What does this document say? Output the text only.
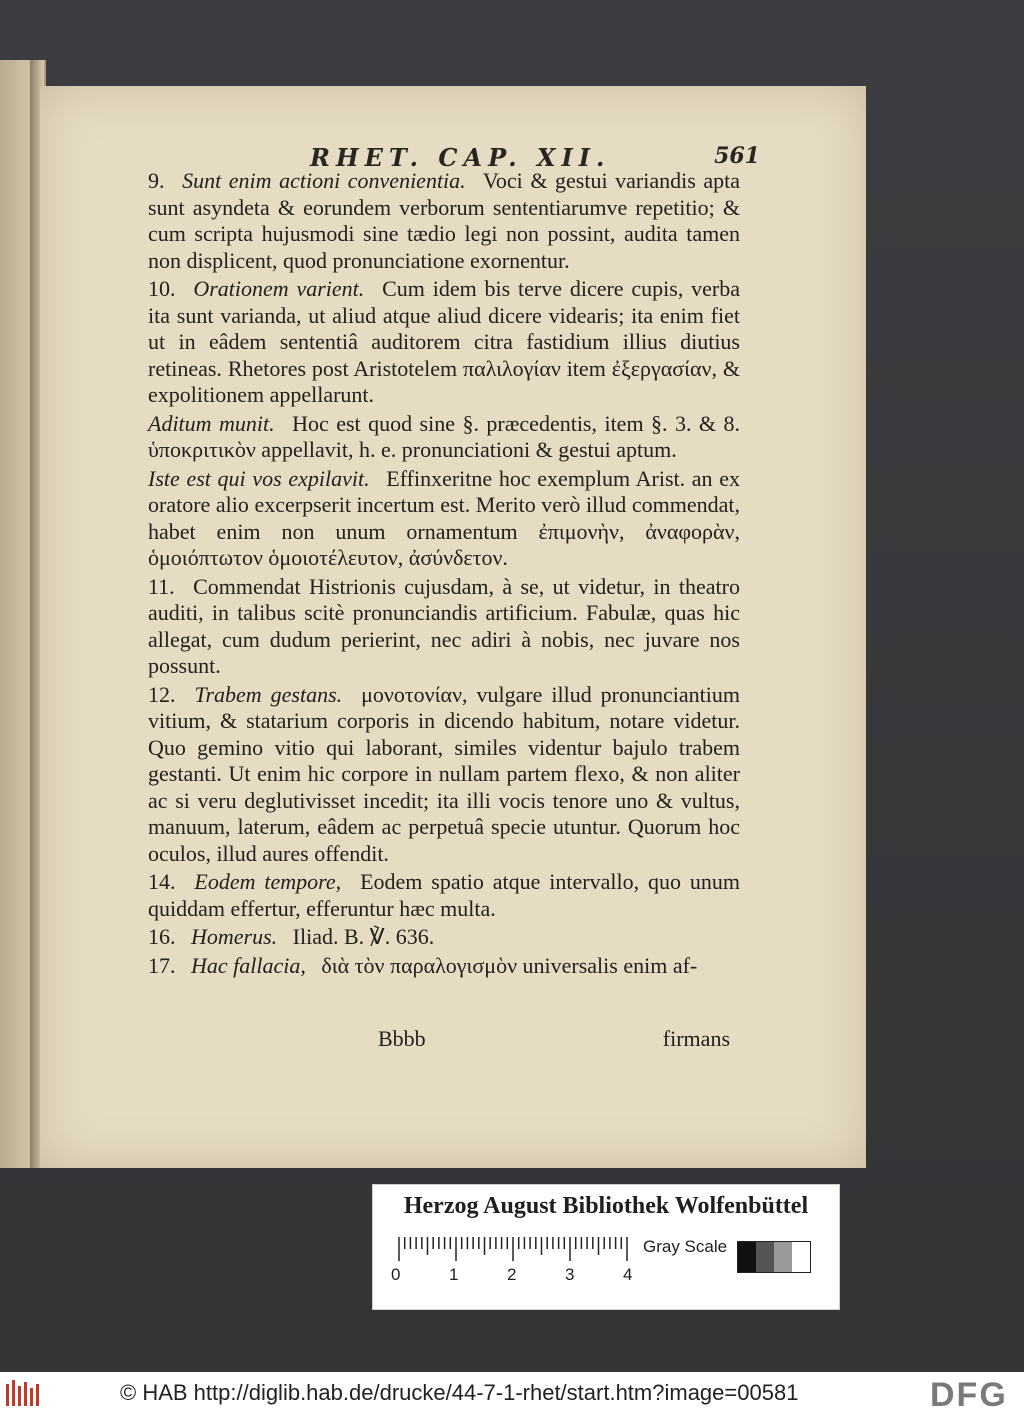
RHET. CAP. XII.	561

9. Sunt enim actioni convenientia. Voci & gestui variandis apta sunt asyndeta & eorundem verborum sententiarumve repetitio; & cum scripta hujusmodi sine tædio legi non possint, audita tamen non displicent, quod pronunciatione exornentur.

10. Orationem varient. Cum idem bis terve dicere cupis, verba ita sunt varianda, ut aliud atque aliud dicere videaris; ita enim fiet ut in eâdem sententiâ auditorem citra fastidium illius diutius retineas. Rhetores post Aristotelem παλιλογίαν item ἐξεργασίαν, & expolitionem appellarunt.

Aditum munit. Hoc est quod sine §. præcedentis, item §. 3. & 8. ὑποκριτικὸν appellavit, h. e. pronunciationi & gestui aptum.

Iste est qui vos expilavit. Effinxeritne hoc exemplum Arist. an ex oratore alio excerpserit incertum est. Merito verò illud commendat, habet enim non unum ornamentum ἐπιμονὴν, ἀναφορὰν, ὁμοιόπτωτον ὁμοιοτέλευτον, ἀσύνδετον.

11. Commendat Histrionis cujusdam, à se, ut videtur, in theatro auditi, in talibus scitè pronunciandis artificium. Fabulæ, quas hic allegat, cum dudum perierint, nec adiri à nobis, nec juvare nos possunt.

12. Trabem gestans. μονοτονίαν, vulgare illud pronunciantium vitium, & statarium corporis in dicendo habitum, notare videtur. Quo gemino vitio qui laborant, similes videntur bajulo trabem gestanti. Ut enim hic corpore in nullam partem flexo, & non aliter ac si veru deglutivisset incedit; ita illi vocis tenore uno & vultus, manuum, laterum, eâdem ac perpetuâ specie utuntur. Quorum hoc oculos, illud aures offendit.

14. Eodem tempore, Eodem spatio atque intervallo, quo unum quiddam effertur, efferuntur hæc multa.

16. Homerus. Iliad. B. ℣. 636.

17. Hac fallacia, διὰ τὸν παραλογισμὸν universalis enim af-

Bbbb	firmans
Herzog August Bibliothek Wolfenbüttel
0	1	2	3	4
Gray Scale
© HAB http://diglib.hab.de/drucke/44-7-1-rhet/start.htm?image=00581	DFG
